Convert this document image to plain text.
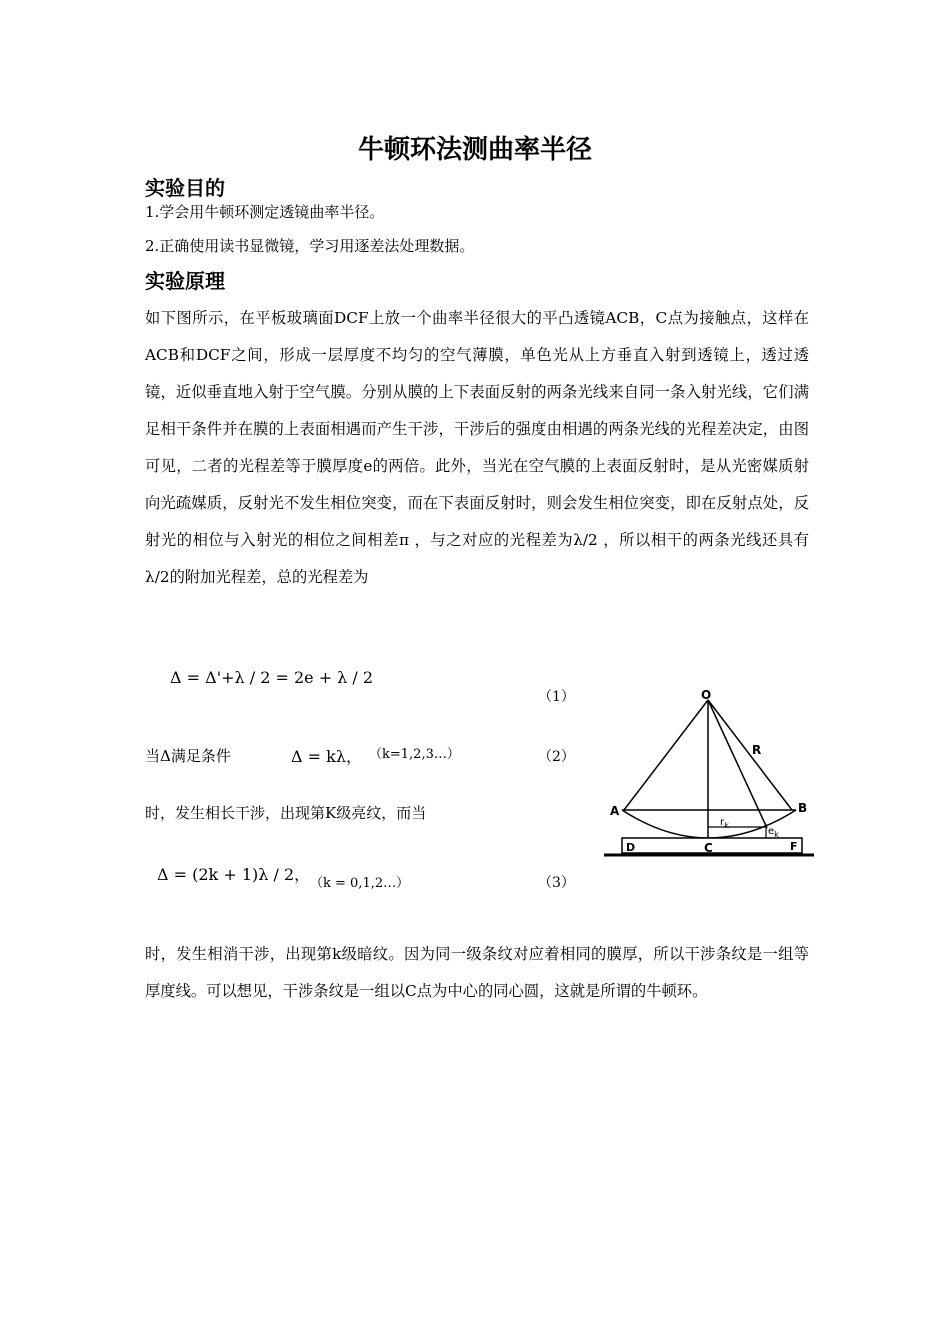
牛顿环法测曲率半径
实验目的
1.学会用牛顿环测定透镜曲率半径。
2.正确使用读书显微镜，学习用逐差法处理数据。
实验原理
如下图所示，在平板玻璃面DCF上放一个曲率半径很大的平凸透镜ACB，C点为接触点，这样在ACB和DCF之间，形成一层厚度不均匀的空气薄膜，单色光从上方垂直入射到透镜上，透过透镜，近似垂直地入射于空气膜。分别从膜的上下表面反射的两条光线来自同一条入射光线，它们满足相干条件并在膜的上表面相遇而产生干涉，干涉后的强度由相遇的两条光线的光程差决定，由图可见，二者的光程差等于膜厚度e的两倍。此外，当光在空气膜的上表面反射时，是从光密媒质射向光疏媒质，反射光不发生相位突变，而在下表面反射时，则会发生相位突变，即在反射点处，反射光的相位与入射光的相位之间相差π ，与之对应的光程差为λ/2 ，所以相干的两条光线还具有λ/2的附加光程差，总的光程差为
Δ = Δ'+λ / 2 = 2e + λ / 2
（1）
当Δ满足条件	Δ = kλ， （k=1,2,3…）	（2）
时，发生相长干涉，出现第K级亮纹，而当
Δ = (2k + 1)λ / 2， （k = 0,1,2…）	（3）
时，发生相消干涉，出现第k级暗纹。因为同一级条纹对应着相同的膜厚，所以干涉条纹是一组等厚度线。可以想见，干涉条纹是一组以C点为中心的同心圆，这就是所谓的牛顿环。
O
R
A	B
C
D	F
$r_k$
$e_k$
